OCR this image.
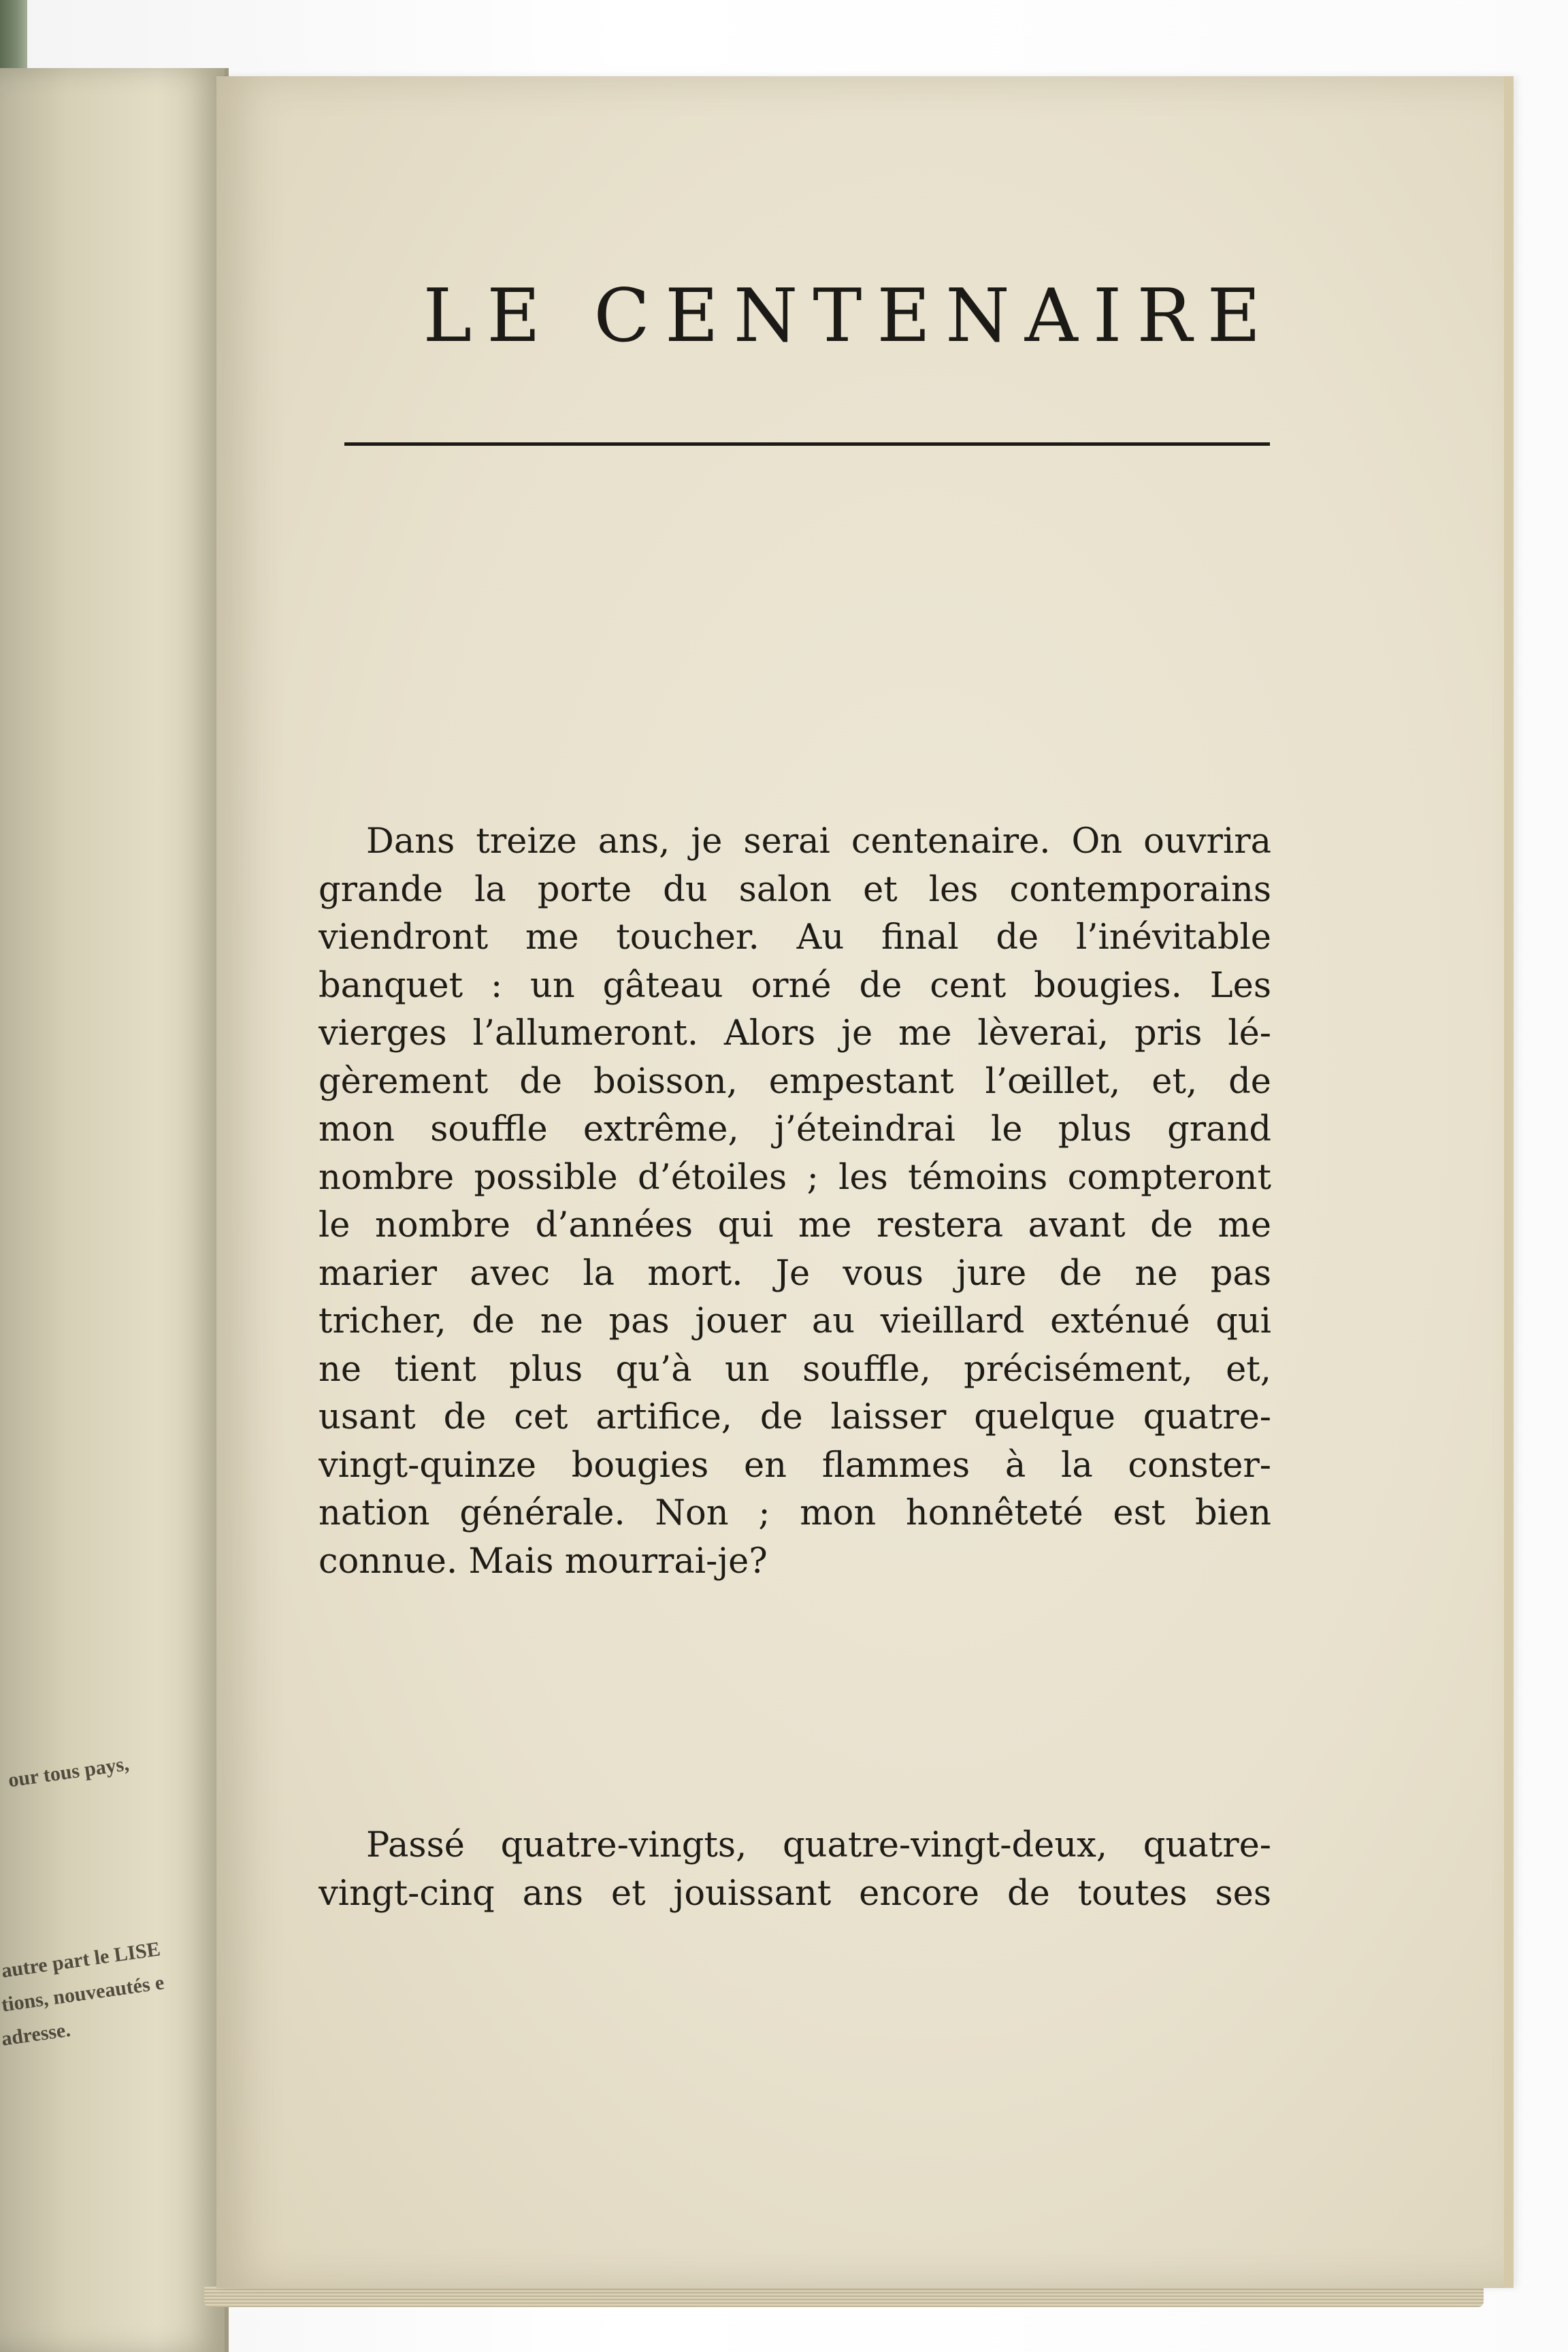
our tous pays,
autre part le LISE
tions, nouveautés e
adresse.
LE CENTENAIRE
Dans treize ans, je serai centenaire. On ouvrira
grande la porte du salon et les contemporains
viendront me toucher. Au final de l’inévitable
banquet : un gâteau orné de cent bougies. Les
vierges l’allumeront. Alors je me lèverai, pris lé-
gèrement de boisson, empestant l’œillet, et, de
mon souffle extrême, j’éteindrai le plus grand
nombre possible d’étoiles ; les témoins compteront
le nombre d’années qui me restera avant de me
marier avec la mort. Je vous jure de ne pas
tricher, de ne pas jouer au vieillard exténué qui
ne tient plus qu’à un souffle, précisément, et,
usant de cet artifice, de laisser quelque quatre-
vingt-quinze bougies en flammes à la conster-
nation générale. Non ; mon honnêteté est bien
connue. Mais mourrai-je?
Passé quatre-vingts, quatre-vingt-deux, quatre-
vingt-cinq ans et jouissant encore de toutes ses
